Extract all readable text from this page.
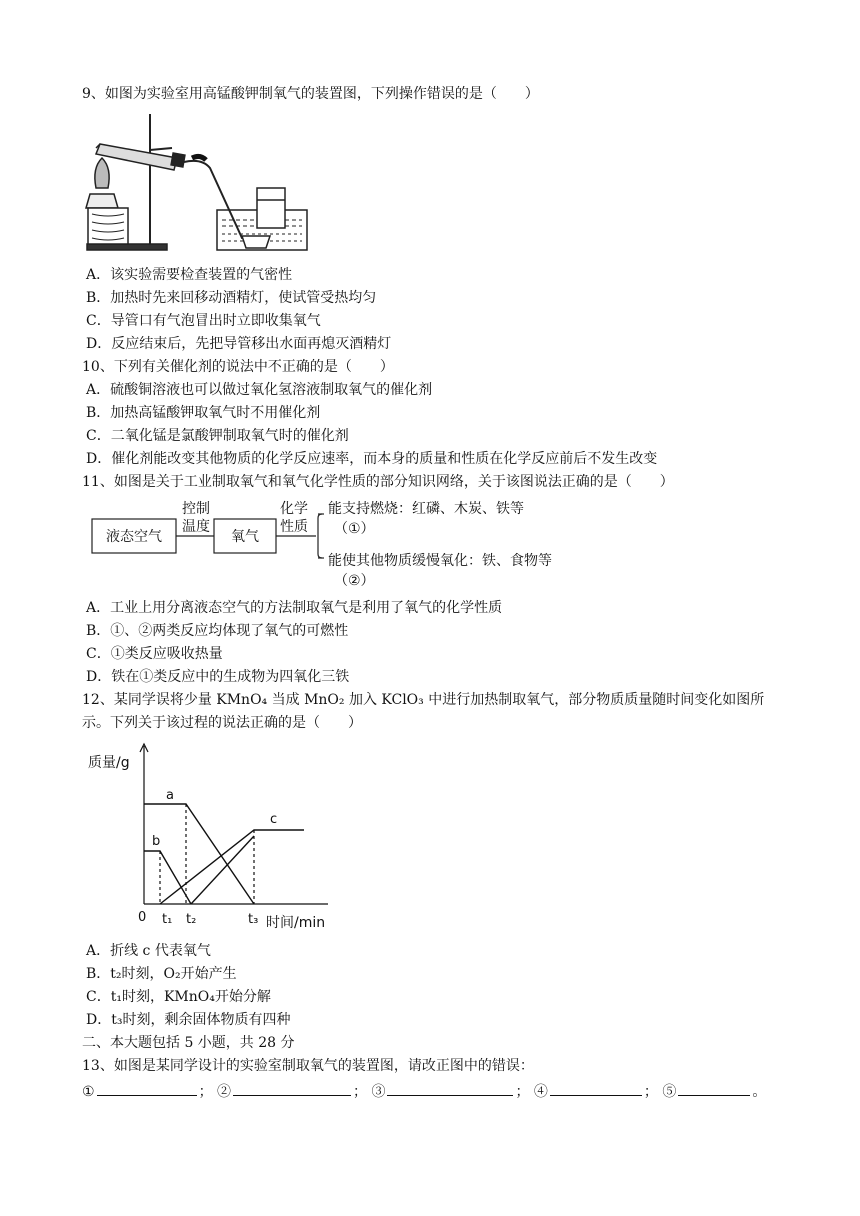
9、如图为实验室用高锰酸钾制氧气的装置图，下列操作错误的是（　　）
A．该实验需要检查装置的气密性
B．加热时先来回移动酒精灯，使试管受热均匀
C．导管口有气泡冒出时立即收集氧气
D．反应结束后，先把导管移出水面再熄灭酒精灯
10、下列有关催化剂的说法中不正确的是（　　）
A．硫酸铜溶液也可以做过氧化氢溶液制取氧气的催化剂
B．加热高锰酸钾取氧气时不用催化剂
C．二氧化锰是氯酸钾制取氧气时的催化剂
D．催化剂能改变其他物质的化学反应速率，而本身的质量和性质在化学反应前后不发生改变
11、如图是关于工业制取氧气和氧气化学性质的部分知识网络，关于该图说法正确的是（　　）
液态空气
控制
温度
氧气
化学
性质
能支持燃烧：红磷、木炭、铁等
（①）
能使其他物质缓慢氧化：铁、食物等
（②）
A．工业上用分离液态空气的方法制取氧气是利用了氧气的化学性质
B．①、②两类反应均体现了氧气的可燃性
C．①类反应吸收热量
D．铁在①类反应中的生成物为四氧化三铁
12、某同学误将少量 KMnO₄ 当成 MnO₂ 加入 KClO₃ 中进行加热制取氧气，部分物质质量随时间变化如图所
示。下列关于该过程的说法正确的是（　　）
质量/g
a
b
c
0 t₁ t₂	t₃ 时间/min
A．折线 c 代表氧气
B．t₂时刻，O₂开始产生
C．t₁时刻，KMnO₄开始分解
D．t₃时刻，剩余固体物质有四种
二、本大题包括 5 小题，共 28 分
13、如图是某同学设计的实验室制取氧气的装置图，请改正图中的错误：
①	； ②	； ③	； ④	； ⑤	。
